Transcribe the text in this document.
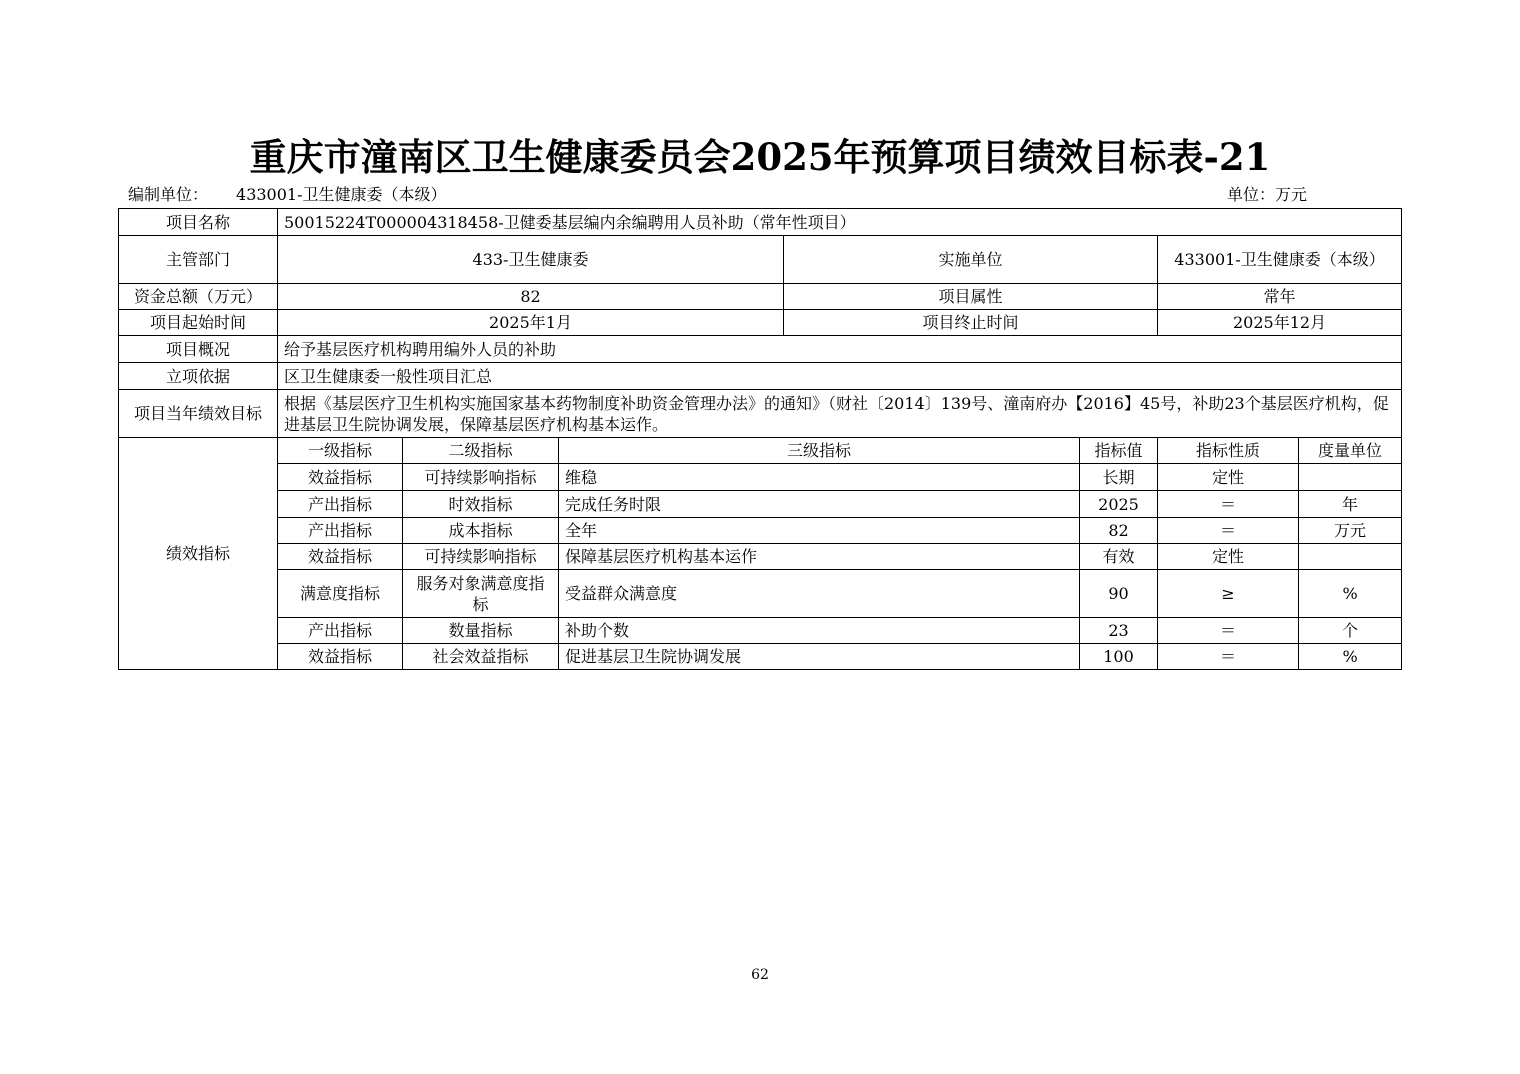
重庆市潼南区卫生健康委员会2025年预算项目绩效目标表-21
编制单位： 433001-卫生健康委（本级）	单位：万元
项目名称	50015224T000004318458-卫健委基层编内余编聘用人员补助（常年性项目）						
主管部门	433-卫生健康委			实施单位		433001-卫生健康委（本级）	
资金总额（万元）	82			项目属性		常年	
项目起始时间	2025年1月			项目终止时间		2025年12月	
项目概况	给予基层医疗机构聘用编外人员的补助						
立项依据	区卫生健康委一般性项目汇总						
项目当年绩效目标	根据《基层医疗卫生机构实施国家基本药物制度补助资金管理办法》的通知》（财社〔2014〕139号、潼南府办【2016】45号，补助23个基层医疗机构，促进基层卫生院协调发展，保障基层医疗机构基本运作。						
绩效指标	一级指标	二级指标	三级指标		指标值	指标性质	度量单位
	效益指标	可持续影响指标	维稳		长期	定性	
	产出指标	时效指标	完成任务时限		2025	＝	年
	产出指标	成本指标	全年		82	＝	万元
	效益指标	可持续影响指标	保障基层医疗机构基本运作		有效	定性	
	满意度指标	服务对象满意度指标	受益群众满意度		90	≥	%
	产出指标	数量指标	补助个数		23	＝	个
	效益指标	社会效益指标	促进基层卫生院协调发展		100	＝	%
62
